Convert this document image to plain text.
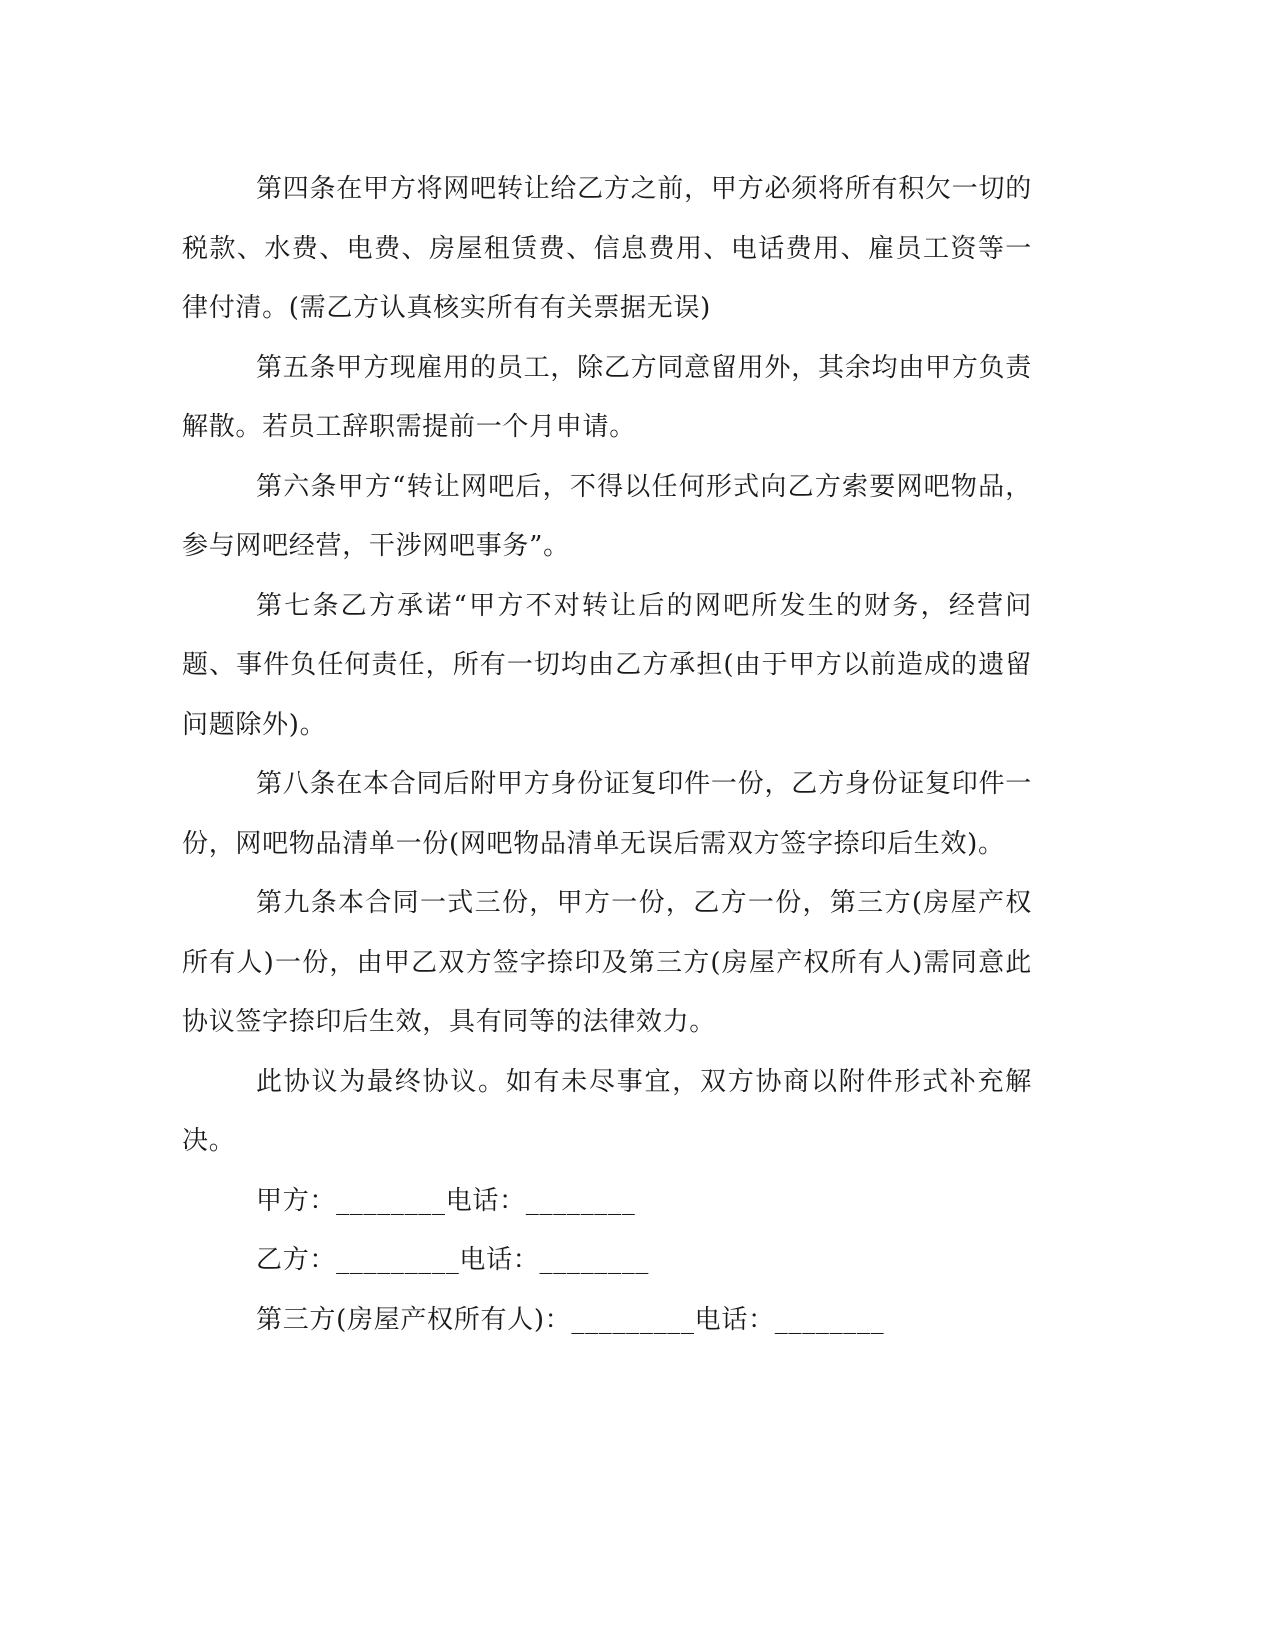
第四条在甲方将网吧转让给乙方之前，甲方必须将所有积欠一切的税款、水费、电费、房屋租赁费、信息费用、电话费用、雇员工资等一律付清。(需乙方认真核实所有有关票据无误)

第五条甲方现雇用的员工，除乙方同意留用外，其余均由甲方负责解散。若员工辞职需提前一个月申请。

第六条甲方“转让网吧后，不得以任何形式向乙方索要网吧物品，参与网吧经营，干涉网吧事务”。

第七条乙方承诺“甲方不对转让后的网吧所发生的财务，经营问题、事件负任何责任，所有一切均由乙方承担(由于甲方以前造成的遗留问题除外)。

第八条在本合同后附甲方身份证复印件一份，乙方身份证复印件一份，网吧物品清单一份(网吧物品清单无误后需双方签字捺印后生效)。

第九条本合同一式三份，甲方一份，乙方一份，第三方(房屋产权所有人)一份，由甲乙双方签字捺印及第三方(房屋产权所有人)需同意此协议签字捺印后生效，具有同等的法律效力。

此协议为最终协议。如有未尽事宜，双方协商以附件形式补充解决。

甲方：________电话：________

乙方：_________电话：________

第三方(房屋产权所有人)：_________电话：________
